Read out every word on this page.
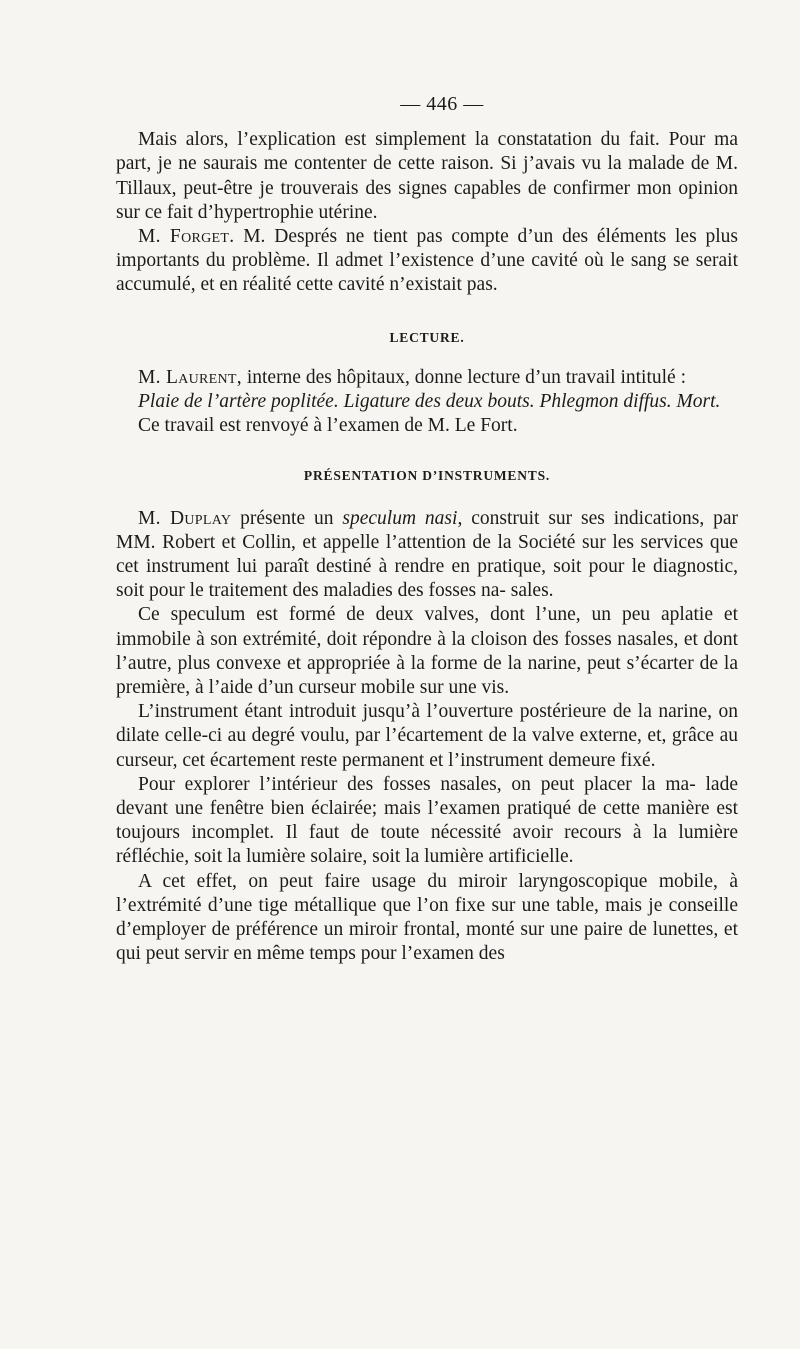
— 446 —

Mais alors, l’explication est simplement la constatation du fait. Pour ma part, je ne saurais me contenter de cette raison. Si j’avais vu la malade de M. Tillaux, peut-être je trouverais des signes capables de confirmer mon opinion sur ce fait d’hypertrophie utérine.

M. Forget. M. Després ne tient pas compte d’un des éléments les plus importants du problème. Il admet l’existence d’une cavité où le sang se serait accumulé, et en réalité cette cavité n’existait pas.

LECTURE.

M. Laurent, interne des hôpitaux, donne lecture d’un travail intitulé :

Plaie de l’artère poplitée. Ligature des deux bouts. Phlegmon diffus. Mort.

Ce travail est renvoyé à l’examen de M. Le Fort.

PRÉSENTATION D’INSTRUMENTS.

M. Duplay présente un speculum nasi, construit sur ses indications, par MM. Robert et Collin, et appelle l’attention de la Société sur les services que cet instrument lui paraît destiné à rendre en pratique, soit pour le diagnostic, soit pour le traitement des maladies des fosses na- sales.

Ce speculum est formé de deux valves, dont l’une, un peu aplatie et immobile à son extrémité, doit répondre à la cloison des fosses nasales, et dont l’autre, plus convexe et appropriée à la forme de la narine, peut s’écarter de la première, à l’aide d’un curseur mobile sur une vis.

L’instrument étant introduit jusqu’à l’ouverture postérieure de la narine, on dilate celle-ci au degré voulu, par l’écartement de la valve externe, et, grâce au curseur, cet écartement reste permanent et l’instrument demeure fixé.

Pour explorer l’intérieur des fosses nasales, on peut placer la ma- lade devant une fenêtre bien éclairée; mais l’examen pratiqué de cette manière est toujours incomplet. Il faut de toute nécessité avoir recours à la lumière réfléchie, soit la lumière solaire, soit la lumière artificielle.

A cet effet, on peut faire usage du miroir laryngoscopique mobile, à l’extrémité d’une tige métallique que l’on fixe sur une table, mais je conseille d’employer de préférence un miroir frontal, monté sur une paire de lunettes, et qui peut servir en même temps pour l’examen des
